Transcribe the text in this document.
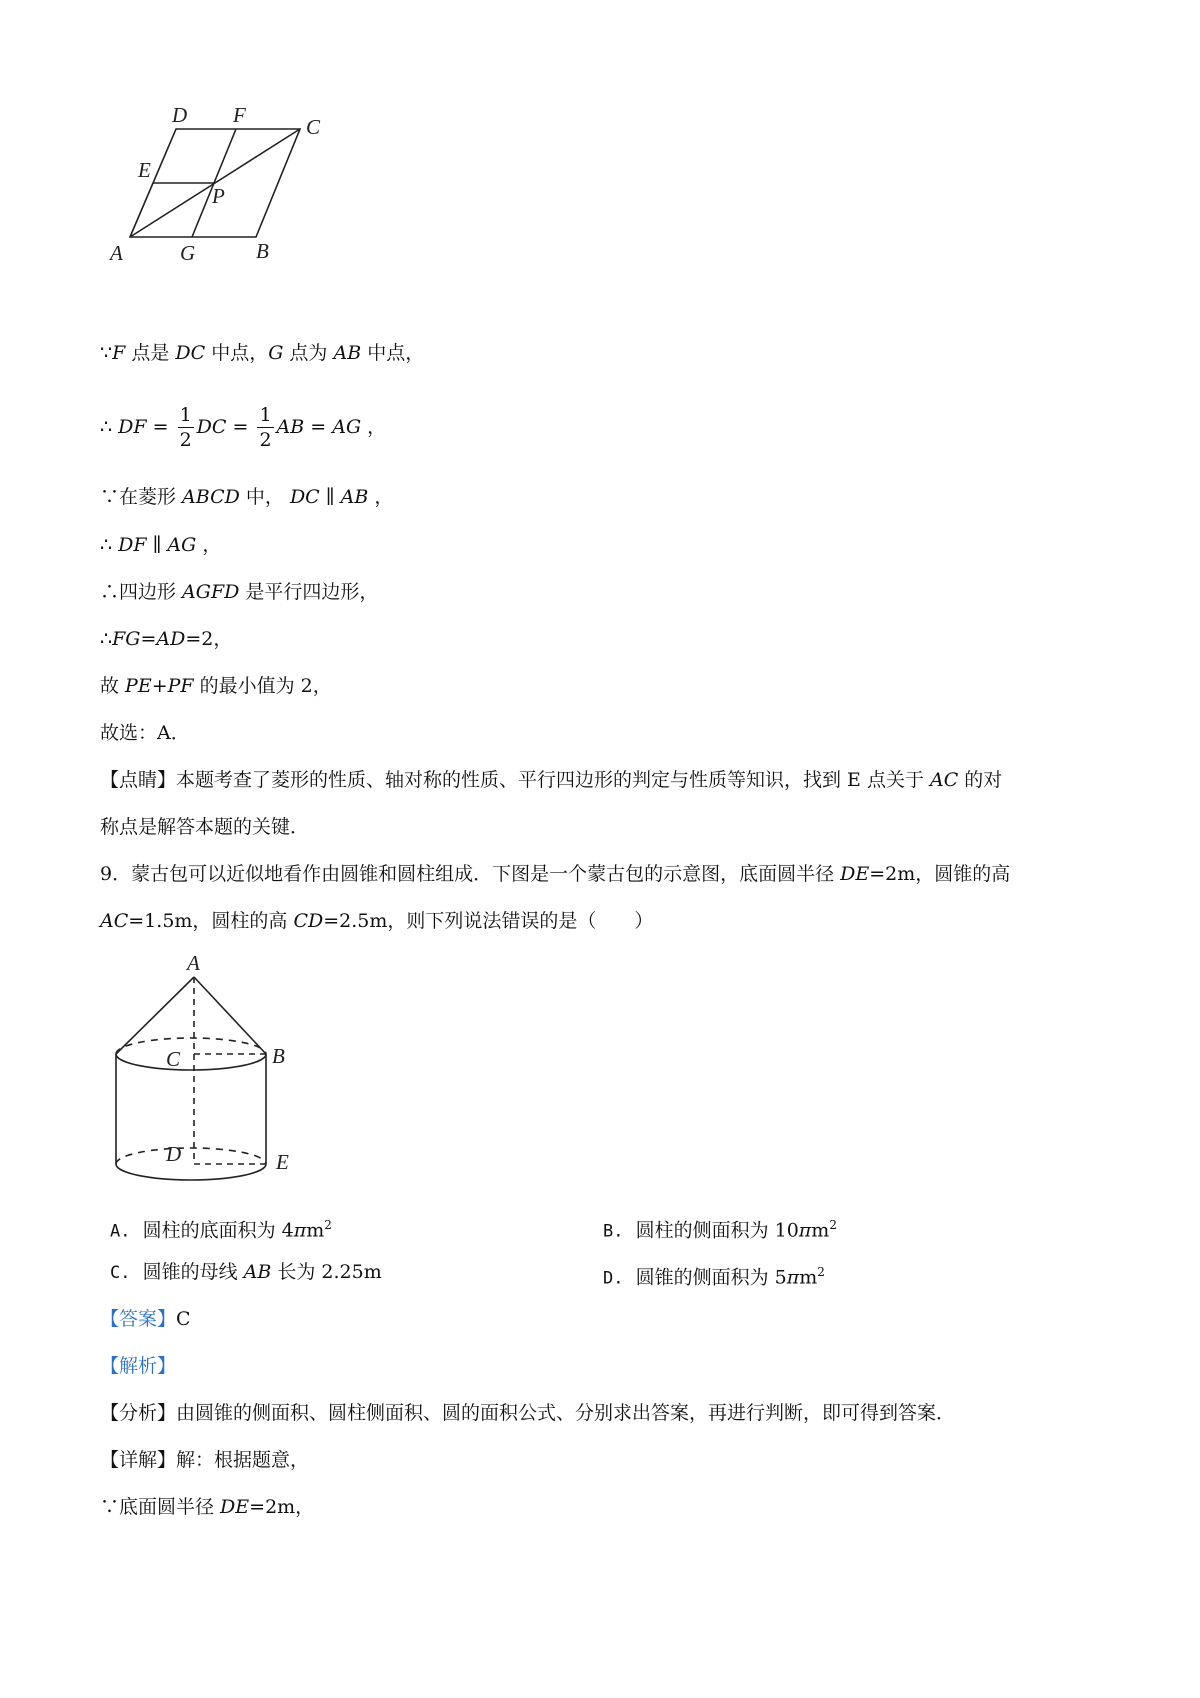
D F	C
E
P
A	G	B
∵F 点是 DC 中点，G 点为 AB 中点，
∴ DF = $\frac{1}{2}$ DC = $\frac{1}{2}$ AB = AG ，
∵在菱形 ABCD 中， DC ∥ AB ，
∴ DF ∥ AG ，
∴四边形 AGFD 是平行四边形，
∴FG=AD=2，
故 PE+PF 的最小值为 2，
故选：A．
【点睛】本题考查了菱形的性质、轴对称的性质、平行四边形的判定与性质等知识，找到 E 点关于 AC 的对
称点是解答本题的关键．
9．蒙古包可以近似地看作由圆锥和圆柱组成．下图是一个蒙古包的示意图，底面圆半径 DE=2m，圆锥的高
AC=1.5m，圆柱的高 CD=2.5m，则下列说法错误的是（　　）
A
B
C
D	E
A. 圆柱的底面积为 $4\pi m^2$	B. 圆柱的侧面积为 $10\pi m^2$
C. 圆锥的母线 AB 长为 2.25m	D. 圆锥的侧面积为 $5\pi m^2$
【答案】C
【解析】
【分析】由圆锥的侧面积、圆柱侧面积、圆的面积公式、分别求出答案，再进行判断，即可得到答案．
【详解】解：根据题意，
∵底面圆半径 DE=2m，
